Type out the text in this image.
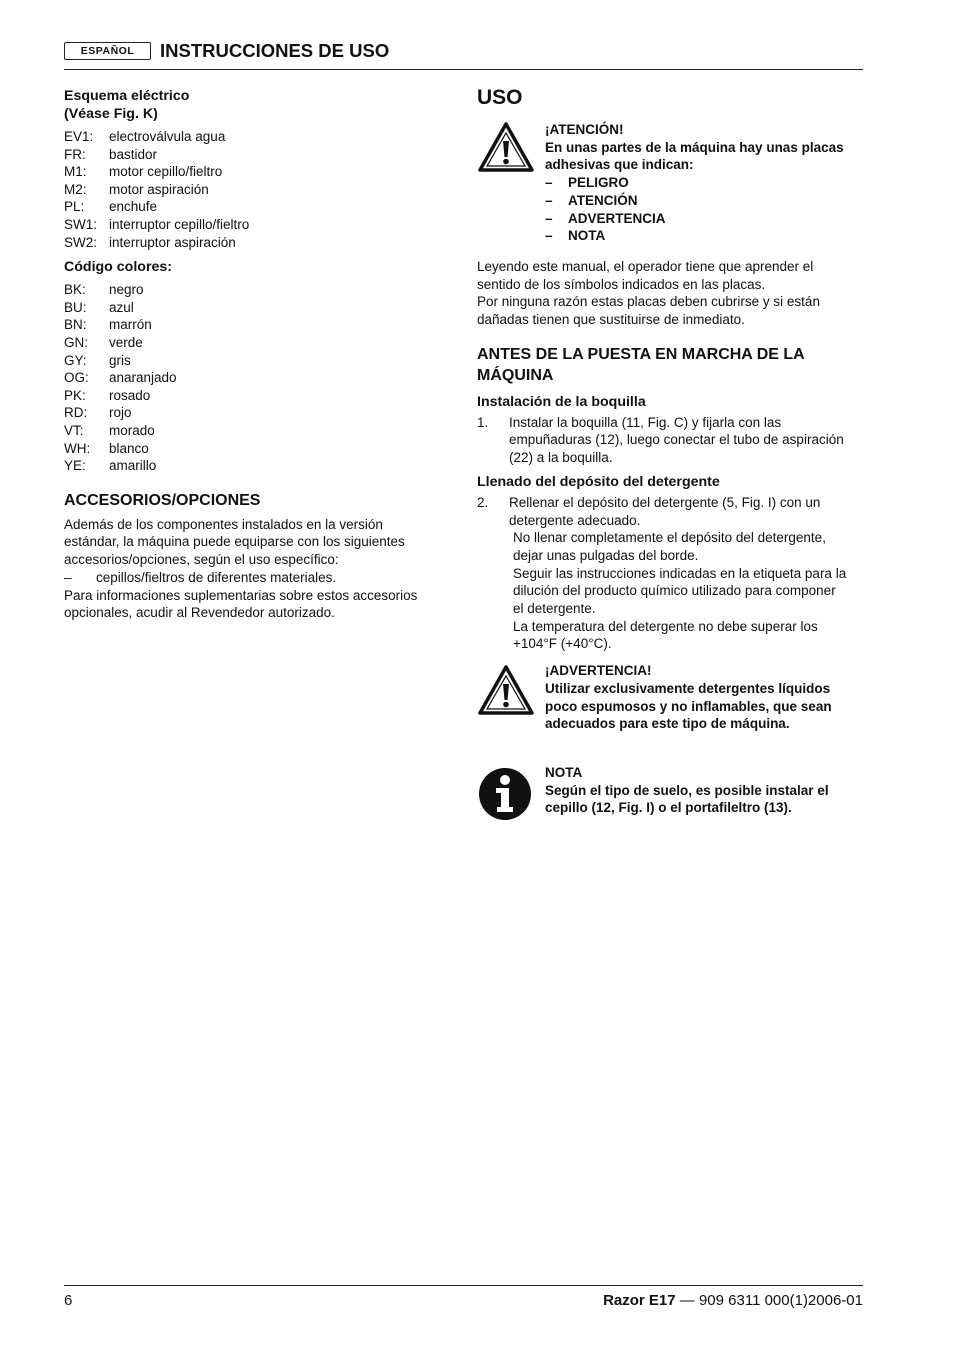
ESPAÑOL	INSTRUCCIONES DE USO

Esquema eléctrico

(Véase Fig. K)

EV1:	electroválvula agua
FR:	bastidor
M1:	motor cepillo/fieltro
M2:	motor aspiración
PL:	enchufe
SW1: interruptor cepillo/fieltro
SW2: interruptor aspiración

Código colores:

BK:	negro
BU:	azul
BN:	marrón
GN:	verde
GY:	gris
OG:	anaranjado
PK:	rosado
RD:	rojo
VT:	morado
WH:	blanco
YE:	amarillo

ACCESORIOS/OPCIONES

Además de los componentes instalados en la versión

estándar, la máquina puede equiparse con los siguientes

accesorios/opciones, según el uso específico:

–	cepillos/fieltros de diferentes materiales.

Para informaciones suplementarias sobre estos accesorios

opcionales, acudir al Revendedor autorizado.

USO

¡ATENCIÓN!
En unas partes de la máquina hay unas placas
adhesivas que indican:
–	PELIGRO
–	ATENCIÓN
–	ADVERTENCIA
–	NOTA

Leyendo este manual, el operador tiene que aprender el

sentido de los símbolos indicados en las placas.

Por ninguna razón estas placas deben cubrirse y si están

dañadas tienen que sustituirse de inmediato.

ANTES DE LA PUESTA EN MARCHA DE LA

MÁQUINA

Instalación de la boquilla

1.	Instalar la boquilla (11, Fig. C) y fijarla con las
empuñaduras (12), luego conectar el tubo de aspiración
(22) a la boquilla.

Llenado del depósito del detergente

2.	Rellenar el depósito del detergente (5, Fig. I) con un
detergente adecuado.
No llenar completamente el depósito del detergente,
dejar unas pulgadas del borde.
Seguir las instrucciones indicadas en la etiqueta para la
dilución del producto químico utilizado para componer
el detergente.
La temperatura del detergente no debe superar los
+104°F (+40°C).
¡ADVERTENCIA!
Utilizar exclusivamente detergentes líquidos
poco espumosos y no inflamables, que sean
adecuados para este tipo de máquina.
NOTA
Según el tipo de suelo, es posible instalar el
cepillo (12, Fig. I) o el portafileltro (13).
6	Razor E17 — 909 6311 000(1)2006-01
